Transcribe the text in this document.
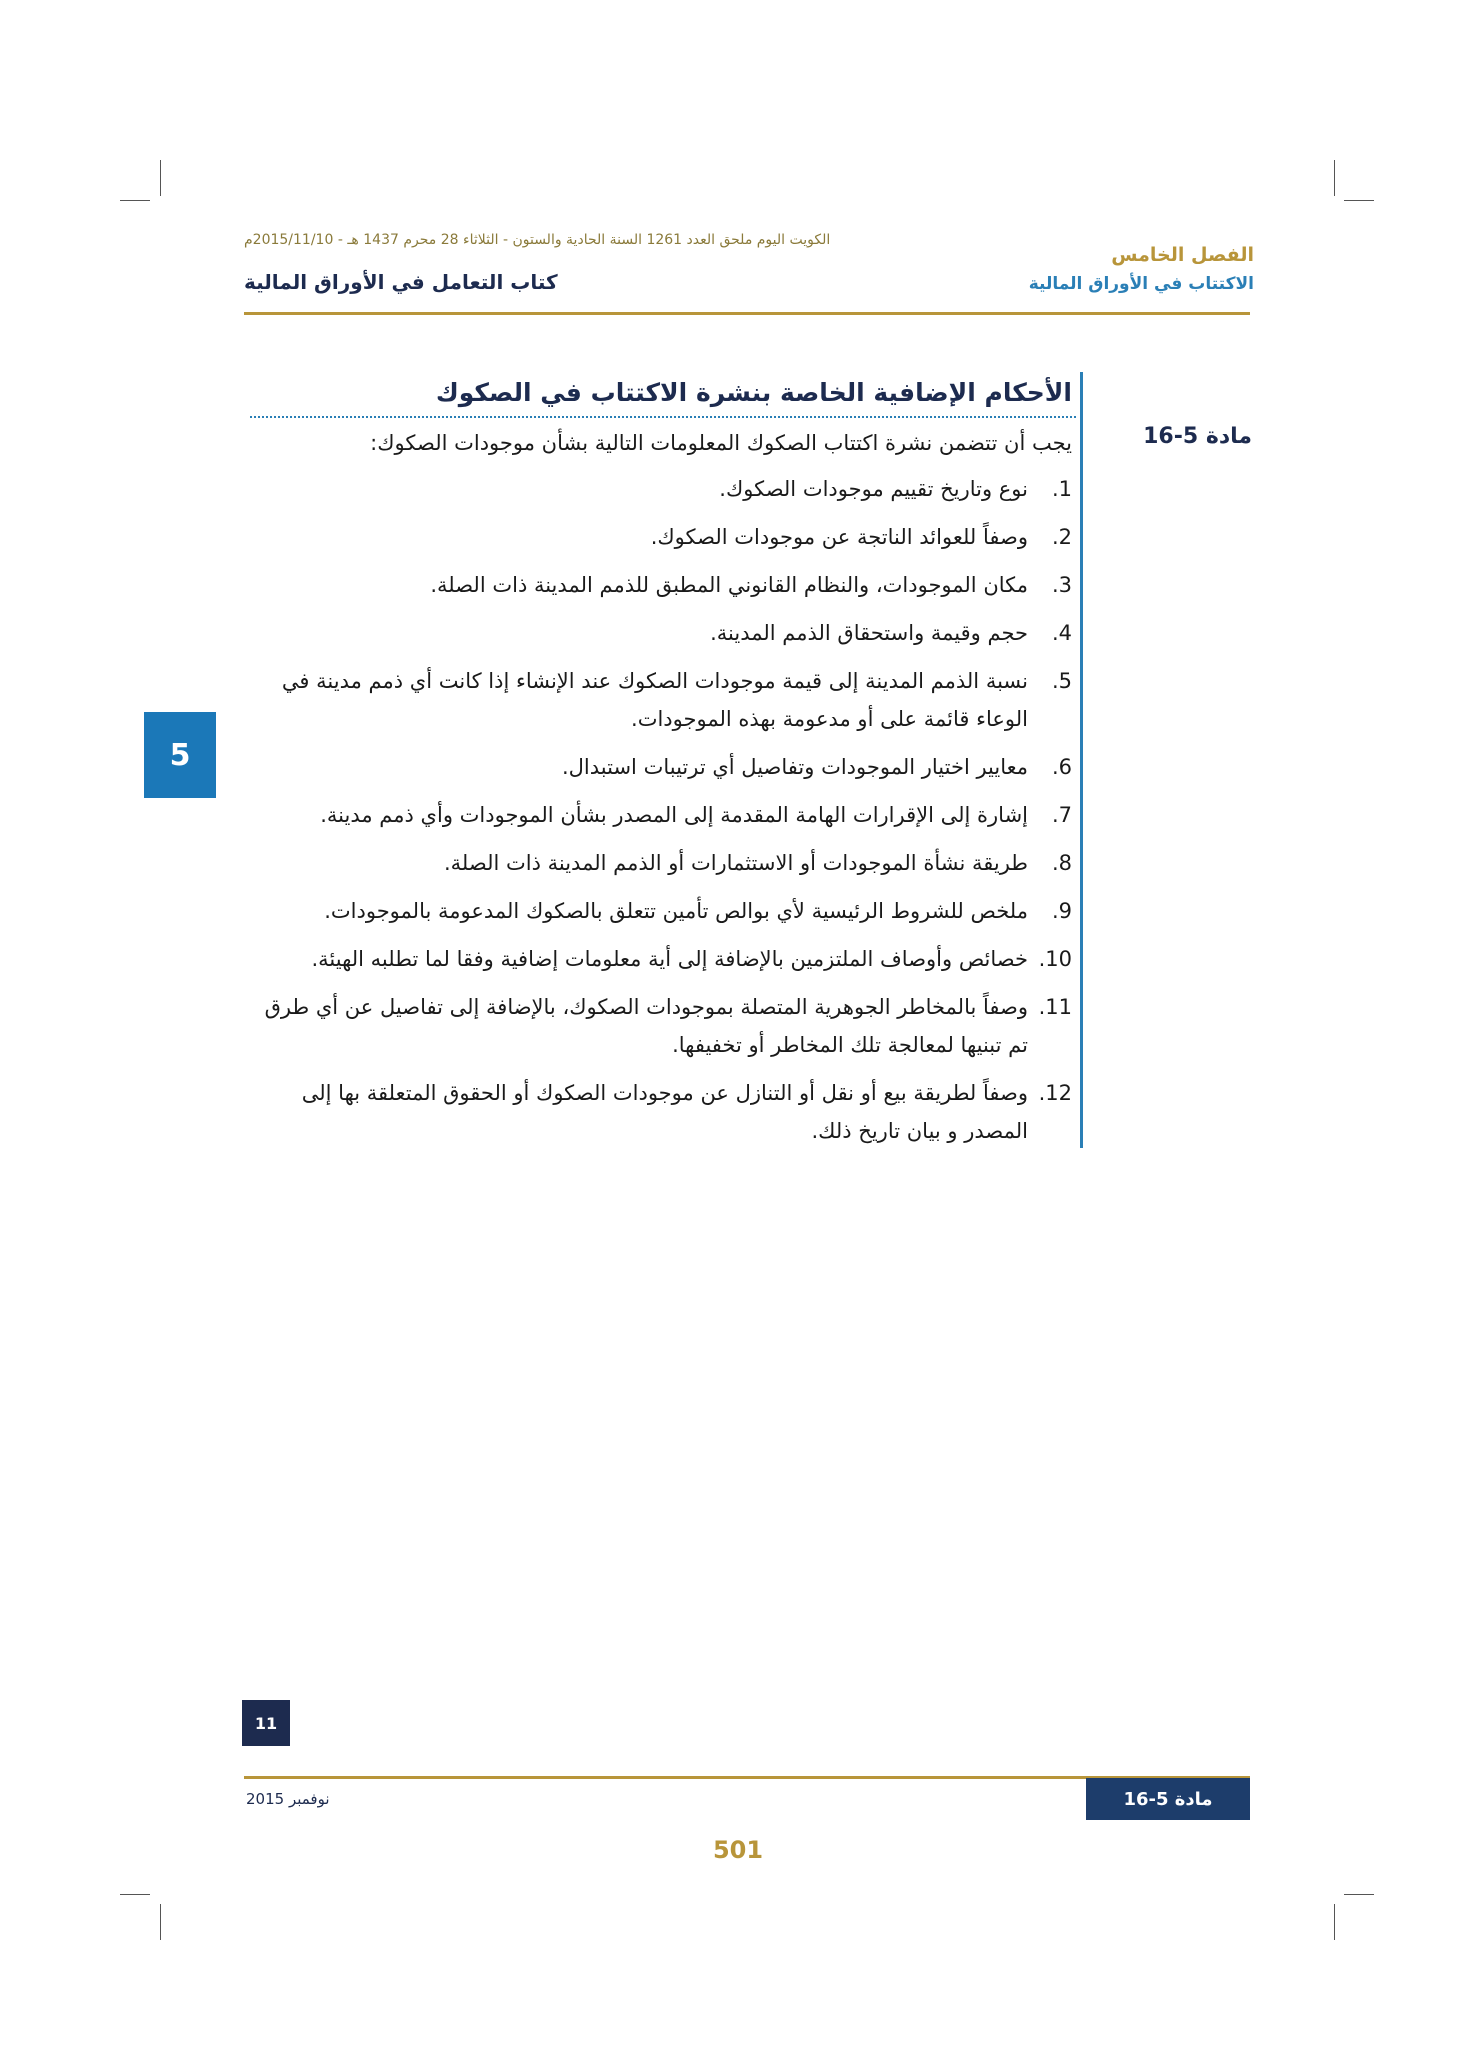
الكويت اليوم ملحق العدد 1261 السنة الحادية والستون - الثلاثاء 28 محرم 1437 هـ - 2015/11/10م
كتاب التعامل في الأوراق المالية
الفصل الخامس
الاكتتاب في الأوراق المالية
5
مادة 5-16
الأحكام الإضافية الخاصة بنشرة الاكتتاب في الصكوك

يجب أن تتضمن نشرة اكتتاب الصكوك المعلومات التالية بشأن موجودات الصكوك:

1.
نوع وتاريخ تقييم موجودات الصكوك.
2.
وصفاً للعوائد الناتجة عن موجودات الصكوك.
3.
مكان الموجودات، والنظام القانوني المطبق للذمم المدينة ذات الصلة.
4.
حجم وقيمة واستحقاق الذمم المدينة.
5.
نسبة الذمم المدينة إلى قيمة موجودات الصكوك عند الإنشاء إذا كانت أي ذمم مدينة في الوعاء قائمة على أو مدعومة بهذه الموجودات.
6.
معايير اختيار الموجودات وتفاصيل أي ترتيبات استبدال.
7.
إشارة إلى الإقرارات الهامة المقدمة إلى المصدر بشأن الموجودات وأي ذمم مدينة.
8.
طريقة نشأة الموجودات أو الاستثمارات أو الذمم المدينة ذات الصلة.
9.
ملخص للشروط الرئيسية لأي بوالص تأمين تتعلق بالصكوك المدعومة بالموجودات.
10.
خصائص وأوصاف الملتزمين بالإضافة إلى أية معلومات إضافية وفقا لما تطلبه الهيئة.
11.
وصفاً بالمخاطر الجوهرية المتصلة بموجودات الصكوك، بالإضافة إلى تفاصيل عن أي طرق تم تبنيها لمعالجة تلك المخاطر أو تخفيفها.
12.
وصفاً لطريقة بيع أو نقل أو التنازل عن موجودات الصكوك أو الحقوق المتعلقة بها إلى المصدر و بيان تاريخ ذلك.
11
نوفمبر 2015	مادة 5-16
501
